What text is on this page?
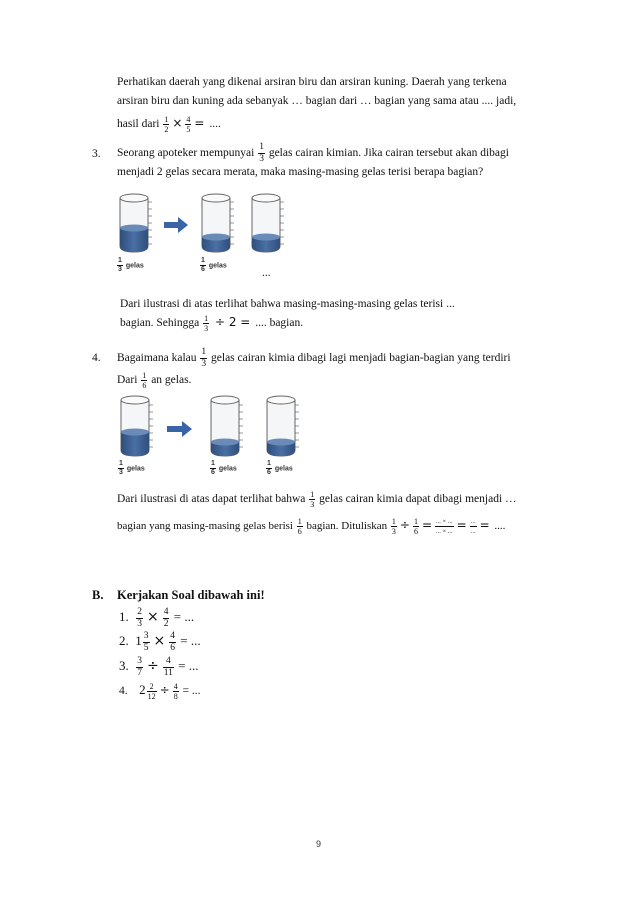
Perhatikan daerah yang dikenai arsiran biru dan arsiran kuning. Daerah yang terkena
arsiran biru dan kuning ada sebanyak … bagian dari … bagian yang sama atau .... jadi,
hasil dari $\frac{1}{2} \times \frac{4}{5}$ = ....
3. Seorang apoteker mempunyai $\frac{1}{3}$ gelas cairan kimian. Jika cairan tersebut akan dibagi
menjadi 2 gelas secara merata, maka masing-masing gelas terisi berapa bagian?
$\frac{1}{3}$ gelas	$\frac{1}{6}$ gelas
...
Dari ilustrasi di atas terlihat bahwa masing-masing-masing gelas terisi ...
bagian. Sehingga $\frac{1}{3} \div 2$ = .... bagian.
4. Bagaimana kalau $\frac{1}{3}$ gelas cairan kimia dibagi lagi menjadi bagian-bagian yang terdiri
Dari $\frac{1}{6}$ an gelas.
$\frac{1}{3}$ gelas	$\frac{1}{6}$ gelas	$\frac{1}{6}$ gelas
Dari ilustrasi di atas dapat terlihat bahwa $\frac{1}{3}$ gelas cairan kimia dapat dibagi menjadi …
bagian yang masing-masing gelas berisi $\frac{1}{6}$ bagian. Dituliskan $\frac{1}{3} \div \frac{1}{6} = \frac{... \times ...}{... \times ...} = \frac{...}{...}$ = ....
B. Kerjakan Soal dibawah ini!
1. $\frac{2}{3} \times \frac{4}{2}$ = ...
2. $1 \frac{3}{5} \times \frac{4}{6}$ = ...
3. $\frac{3}{7} \div \frac{4}{11}$ = ...
4. $2 \frac{2}{12} \div \frac{4}{8}$ = ...
9
